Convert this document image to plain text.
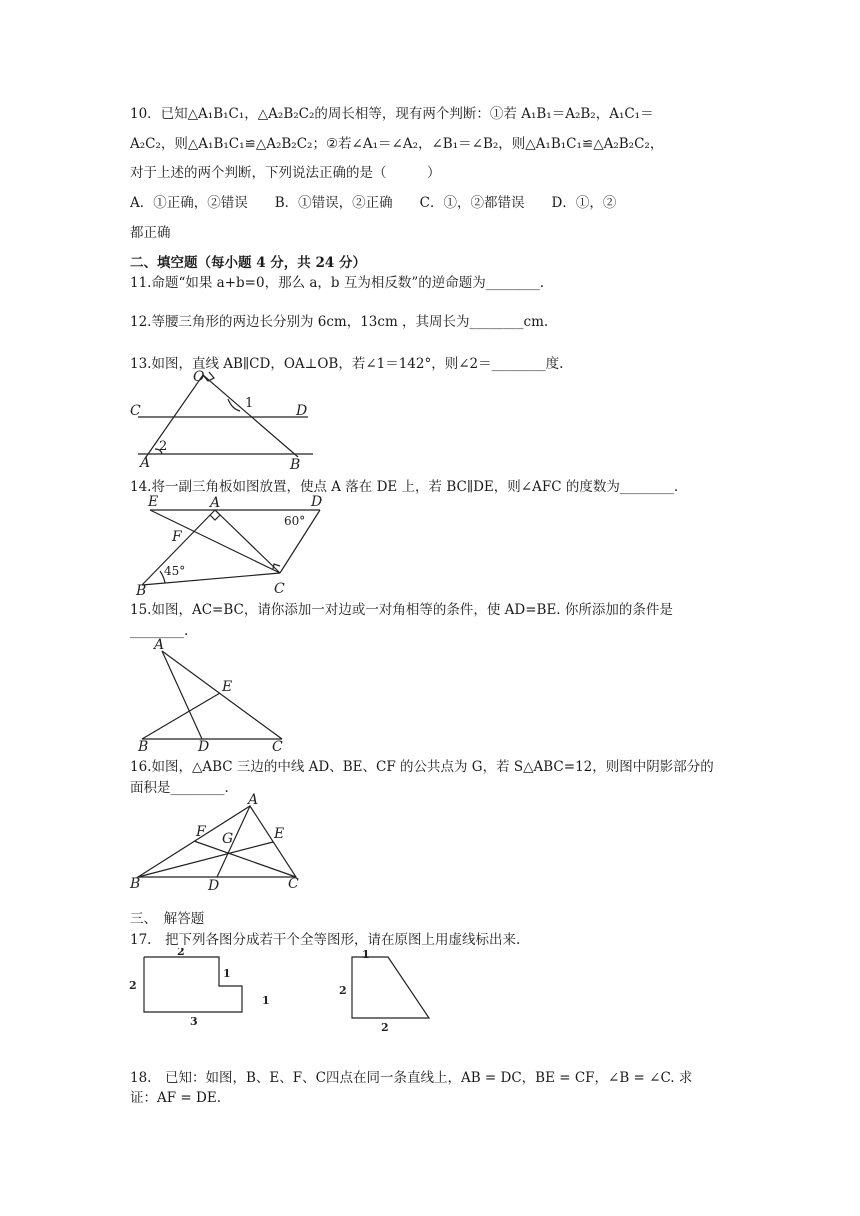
10．已知△A₁B₁C₁，△A₂B₂C₂的周长相等，现有两个判断：①若 A₁B₁＝A₂B₂，A₁C₁＝
A₂C₂，则△A₁B₁C₁≌△A₂B₂C₂；②若∠A₁＝∠A₂，∠B₁＝∠B₂，则△A₁B₁C₁≌△A₂B₂C₂，
对于上述的两个判断，下列说法正确的是（　　　）
A．①正确，②错误　　B．①错误，②正确　　C．①，②都错误　　D．①，②
都正确
二、填空题（每小题 4 分，共 24 分）
11.命题“如果 a+b=0，那么 a，b 互为相反数”的逆命题为________.
12.等腰三角形的两边长分别为 6cm，13cm ，其周长为________cm.
13.如图，直线 AB∥CD，OA⊥OB，若∠1＝142°，则∠2＝________度.
O
C	D
A	B
1
2
14.将一副三角板如图放置，使点 A 落在 DE 上，若 BC∥DE，则∠AFC 的度数为________.
E	A	D
F
B	C
60°
45°
15.如图，AC=BC，请你添加一对边或一对角相等的条件，使 AD=BE. 你所添加的条件是
________.
A
E
B	D	C
16.如图，△ABC 三边的中线 AD、BE、CF 的公共点为 G，若 S△ABC=12，则图中阴影部分的
面积是________.
A
F G	E
B	D	C
三、　解答题
17.　把下列各图分成若干个全等图形，请在原图上用虚线标出来.
2
2
1
1
3
1
2
2
18.　已知：如图，B、E、F、C四点在同一条直线上，AB = DC，BE = CF，∠B = ∠C. 求
证：AF = DE.
